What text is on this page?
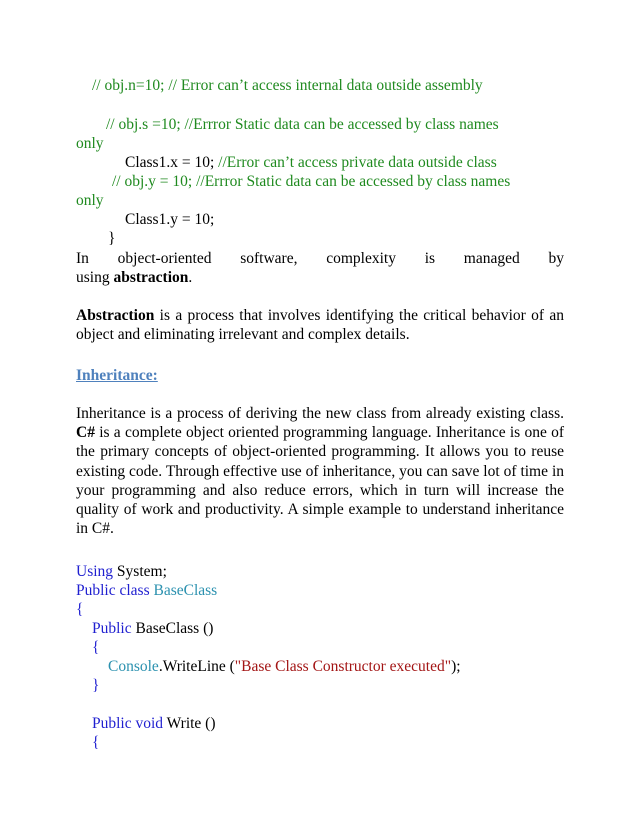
// obj.n=10; // Error can’t access internal data outside assembly
// obj.s =10; //Errror Static data can be accessed by class names
only
Class1.x = 10; //Error can’t access private data outside class
// obj.y = 10; //Errror Static data can be accessed by class names
only
Class1.y = 10;
}
In object-oriented software, complexity is managed by
using abstraction.
Abstraction is a process that involves identifying the critical behavior of an object and eliminating irrelevant and complex details.
Inheritance:
Inheritance is a process of deriving the new class from already existing class. C# is a complete object oriented programming language. Inheritance is one of the primary concepts of object-oriented programming. It allows you to reuse existing code. Through effective use of inheritance, you can save lot of time in your programming and also reduce errors, which in turn will increase the quality of work and productivity. A simple example to understand inheritance in C#.
Using System;
Public class BaseClass
{
Public BaseClass ()
{
Console.WriteLine ("Base Class Constructor executed");
}
Public void Write ()
{
